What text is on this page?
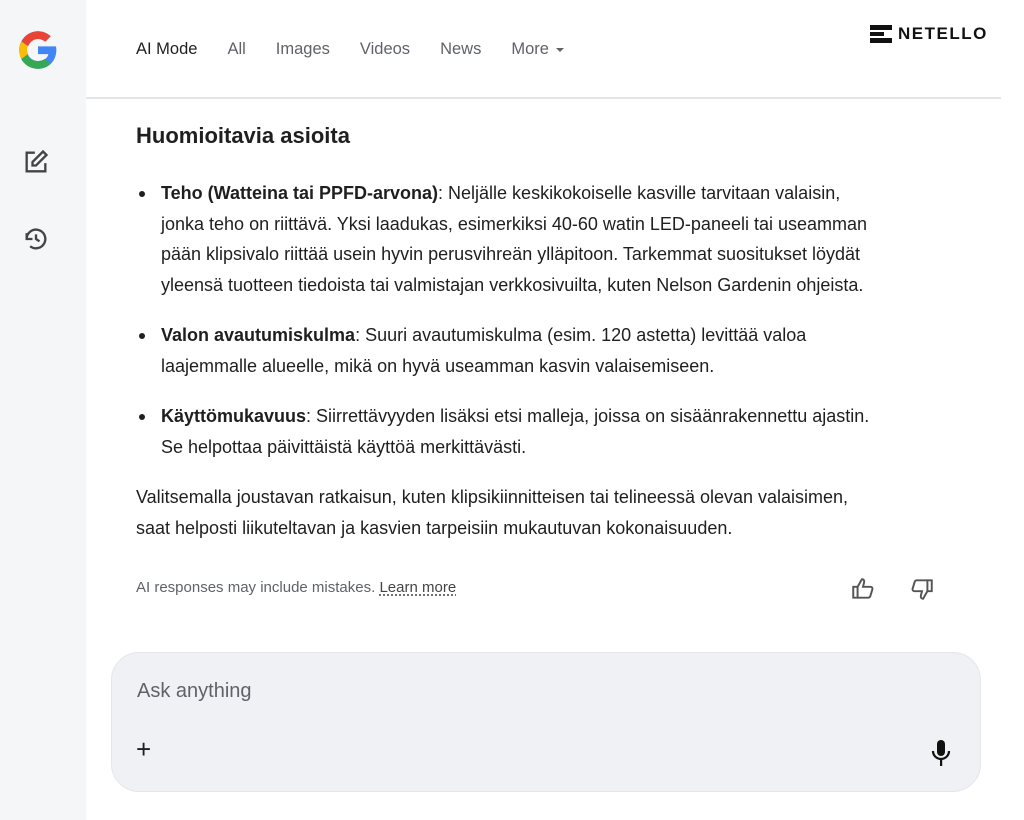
AI Mode All Images Videos News More
NETELLO
Huomioitavia asioita
Teho (Watteina tai PPFD-arvona): Neljälle keskikokoiselle kasville tarvitaan valaisin,
jonka teho on riittävä. Yksi laadukas, esimerkiksi 40-60 watin LED-paneeli tai useamman
pään klipsivalo riittää usein hyvin perusvihreän ylläpitoon. Tarkemmat suositukset löydät
yleensä tuotteen tiedoista tai valmistajan verkkosivuilta, kuten Nelson Gardenin ohjeista.
Valon avautumiskulma: Suuri avautumiskulma (esim. 120 astetta) levittää valoa
laajemmalle alueelle, mikä on hyvä useamman kasvin valaisemiseen.
Käyttömukavuus: Siirrettävyyden lisäksi etsi malleja, joissa on sisäänrakennettu ajastin.
Se helpottaa päivittäistä käyttöä merkittävästi.

Valitsemalla joustavan ratkaisun, kuten klipsikiinnitteisen tai telineessä olevan valaisimen,
saat helposti liikuteltavan ja kasvien tarpeisiin mukautuvan kokonaisuuden.

AI responses may include mistakes. Learn more
Ask anything
+
